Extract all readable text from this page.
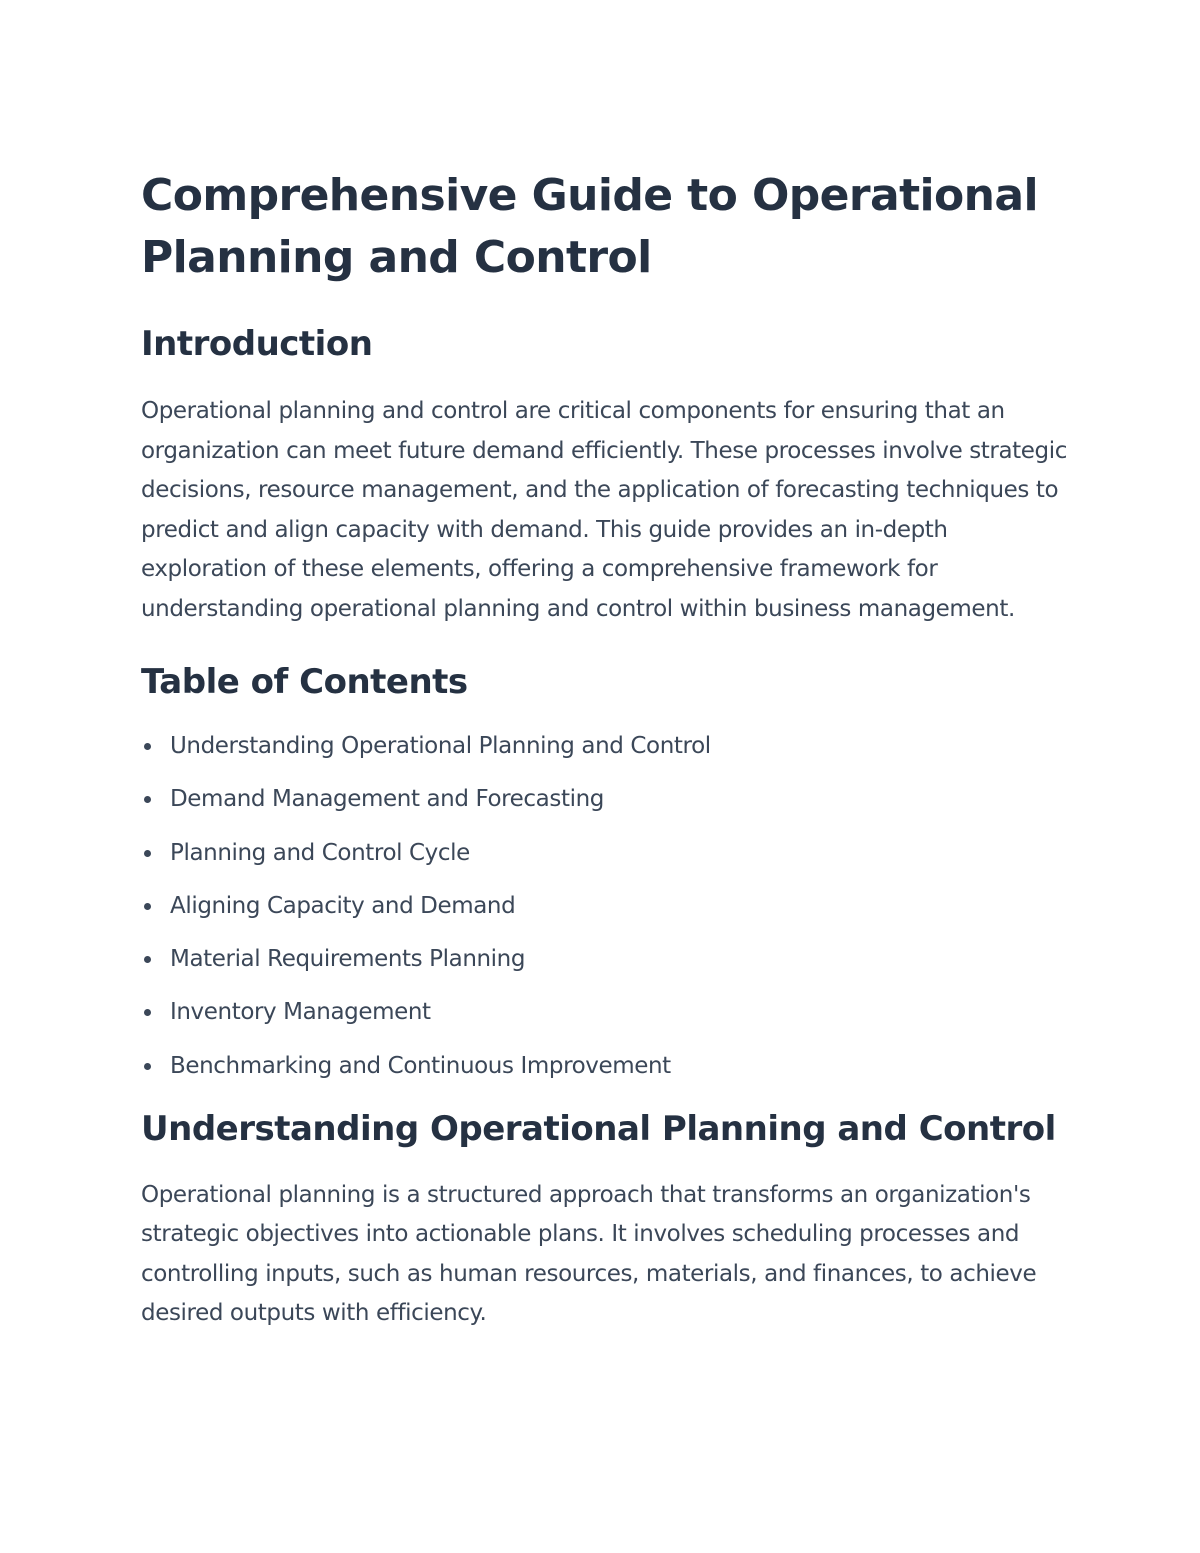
Comprehensive Guide to Operational Planning and Control
Introduction

Operational planning and control are critical components for ensuring that an organization can meet future demand efficiently. These processes involve strategic decisions, resource management, and the application of forecasting techniques to predict and align capacity with demand. This guide provides an in-depth exploration of these elements, offering a comprehensive framework for understanding operational planning and control within business management.

Table of Contents
Understanding Operational Planning and Control
Demand Management and Forecasting
Planning and Control Cycle
Aligning Capacity and Demand
Material Requirements Planning
Inventory Management
Benchmarking and Continuous Improvement
Understanding Operational Planning and Control

Operational planning is a structured approach that transforms an organization's strategic objectives into actionable plans. It involves scheduling processes and controlling inputs, such as human resources, materials, and finances, to achieve desired outputs with efficiency.
